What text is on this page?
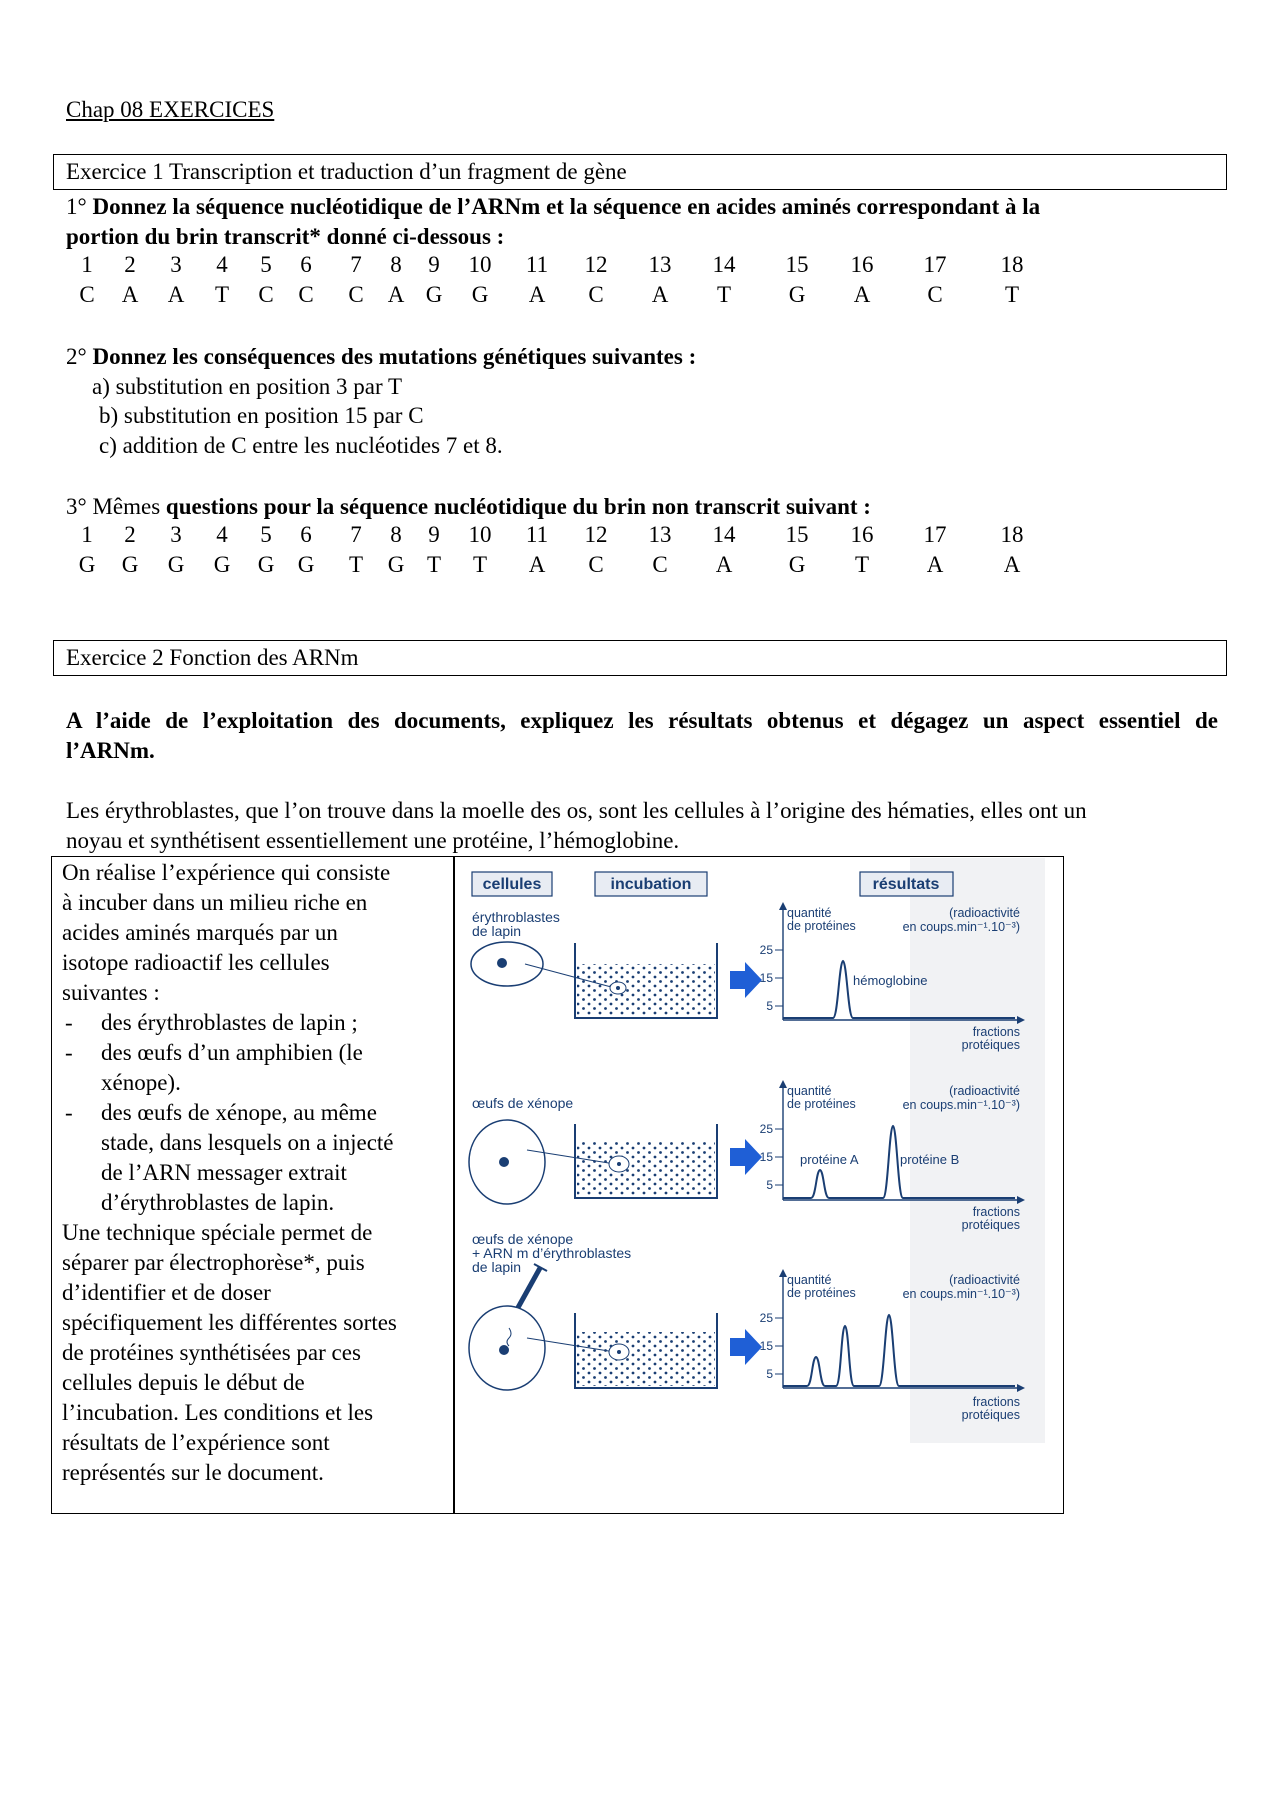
Chap 08 EXERCICES
Exercice 1 Transcription et traduction d’un fragment de gène
1° Donnez la séquence nucléotidique de l’ARNm et la séquence en acides aminés correspondant à la
portion du brin transcrit* donné ci-dessous :
1 2 3 4 5 6 7 8 9 10 11 12 13 14 15 16 17 18
C A A T C C C A G G A C A T	G A C	T
2° Donnez les conséquences des mutations génétiques suivantes :
a) substitution en position 3 par T
b) substitution en position 15 par C
c) addition de C entre les nucléotides 7 et 8.
3° Mêmes questions pour la séquence nucléotidique du brin non transcrit suivant :
1 2 3 4 5 6 7 8 9 10 11 12 13 14 15 16 17 18
G G G G G G T G T T A C C A G T	A	A
Exercice 2 Fonction des ARNm
A l’aide de l’exploitation des documents, expliquez les résultats obtenus et dégagez un aspect essentiel de
l’ARNm.
Les érythroblastes, que l’on trouve dans la moelle des os, sont les cellules à l’origine des hématies, elles ont un
noyau et synthétisent essentiellement une protéine, l’hémoglobine.
On réalise l’expérience qui consiste
à incuber dans un milieu riche en
acides aminés marqués par un
isotope radioactif les cellules
suivantes :
- des érythroblastes de lapin ;
- des œufs d’un amphibien (le
xénope).
- des œufs de xénope, au même
stade, dans lesquels on a injecté
de l’ARN messager extrait
d’érythroblastes de lapin.
Une technique spéciale permet de
séparer par électrophorèse*, puis
d’identifier et de doser
spécifiquement les différentes sortes
de protéines synthétisées par ces
cellules depuis le début de
l’incubation. Les conditions et les
résultats de l’expérience sont
représentés sur le document.
cellules	incubation	résultats
érythroblastes
de lapin
quantité
de protéines
(radioactivité
en coups.min⁻¹.10⁻³)
25
15
5
hémoglobine
fractions
protéiques
œufs de xénope
quantité
de protéines
(radioactivité
en coups.min⁻¹.10⁻³)
25
15
5
protéine A	protéine B
fractions
protéiques
œufs de xénope
+ ARN m d’érythroblastes
de lapin
quantité
de protéines
(radioactivité
en coups.min⁻¹.10⁻³)
25
15
5
fractions
protéiques
